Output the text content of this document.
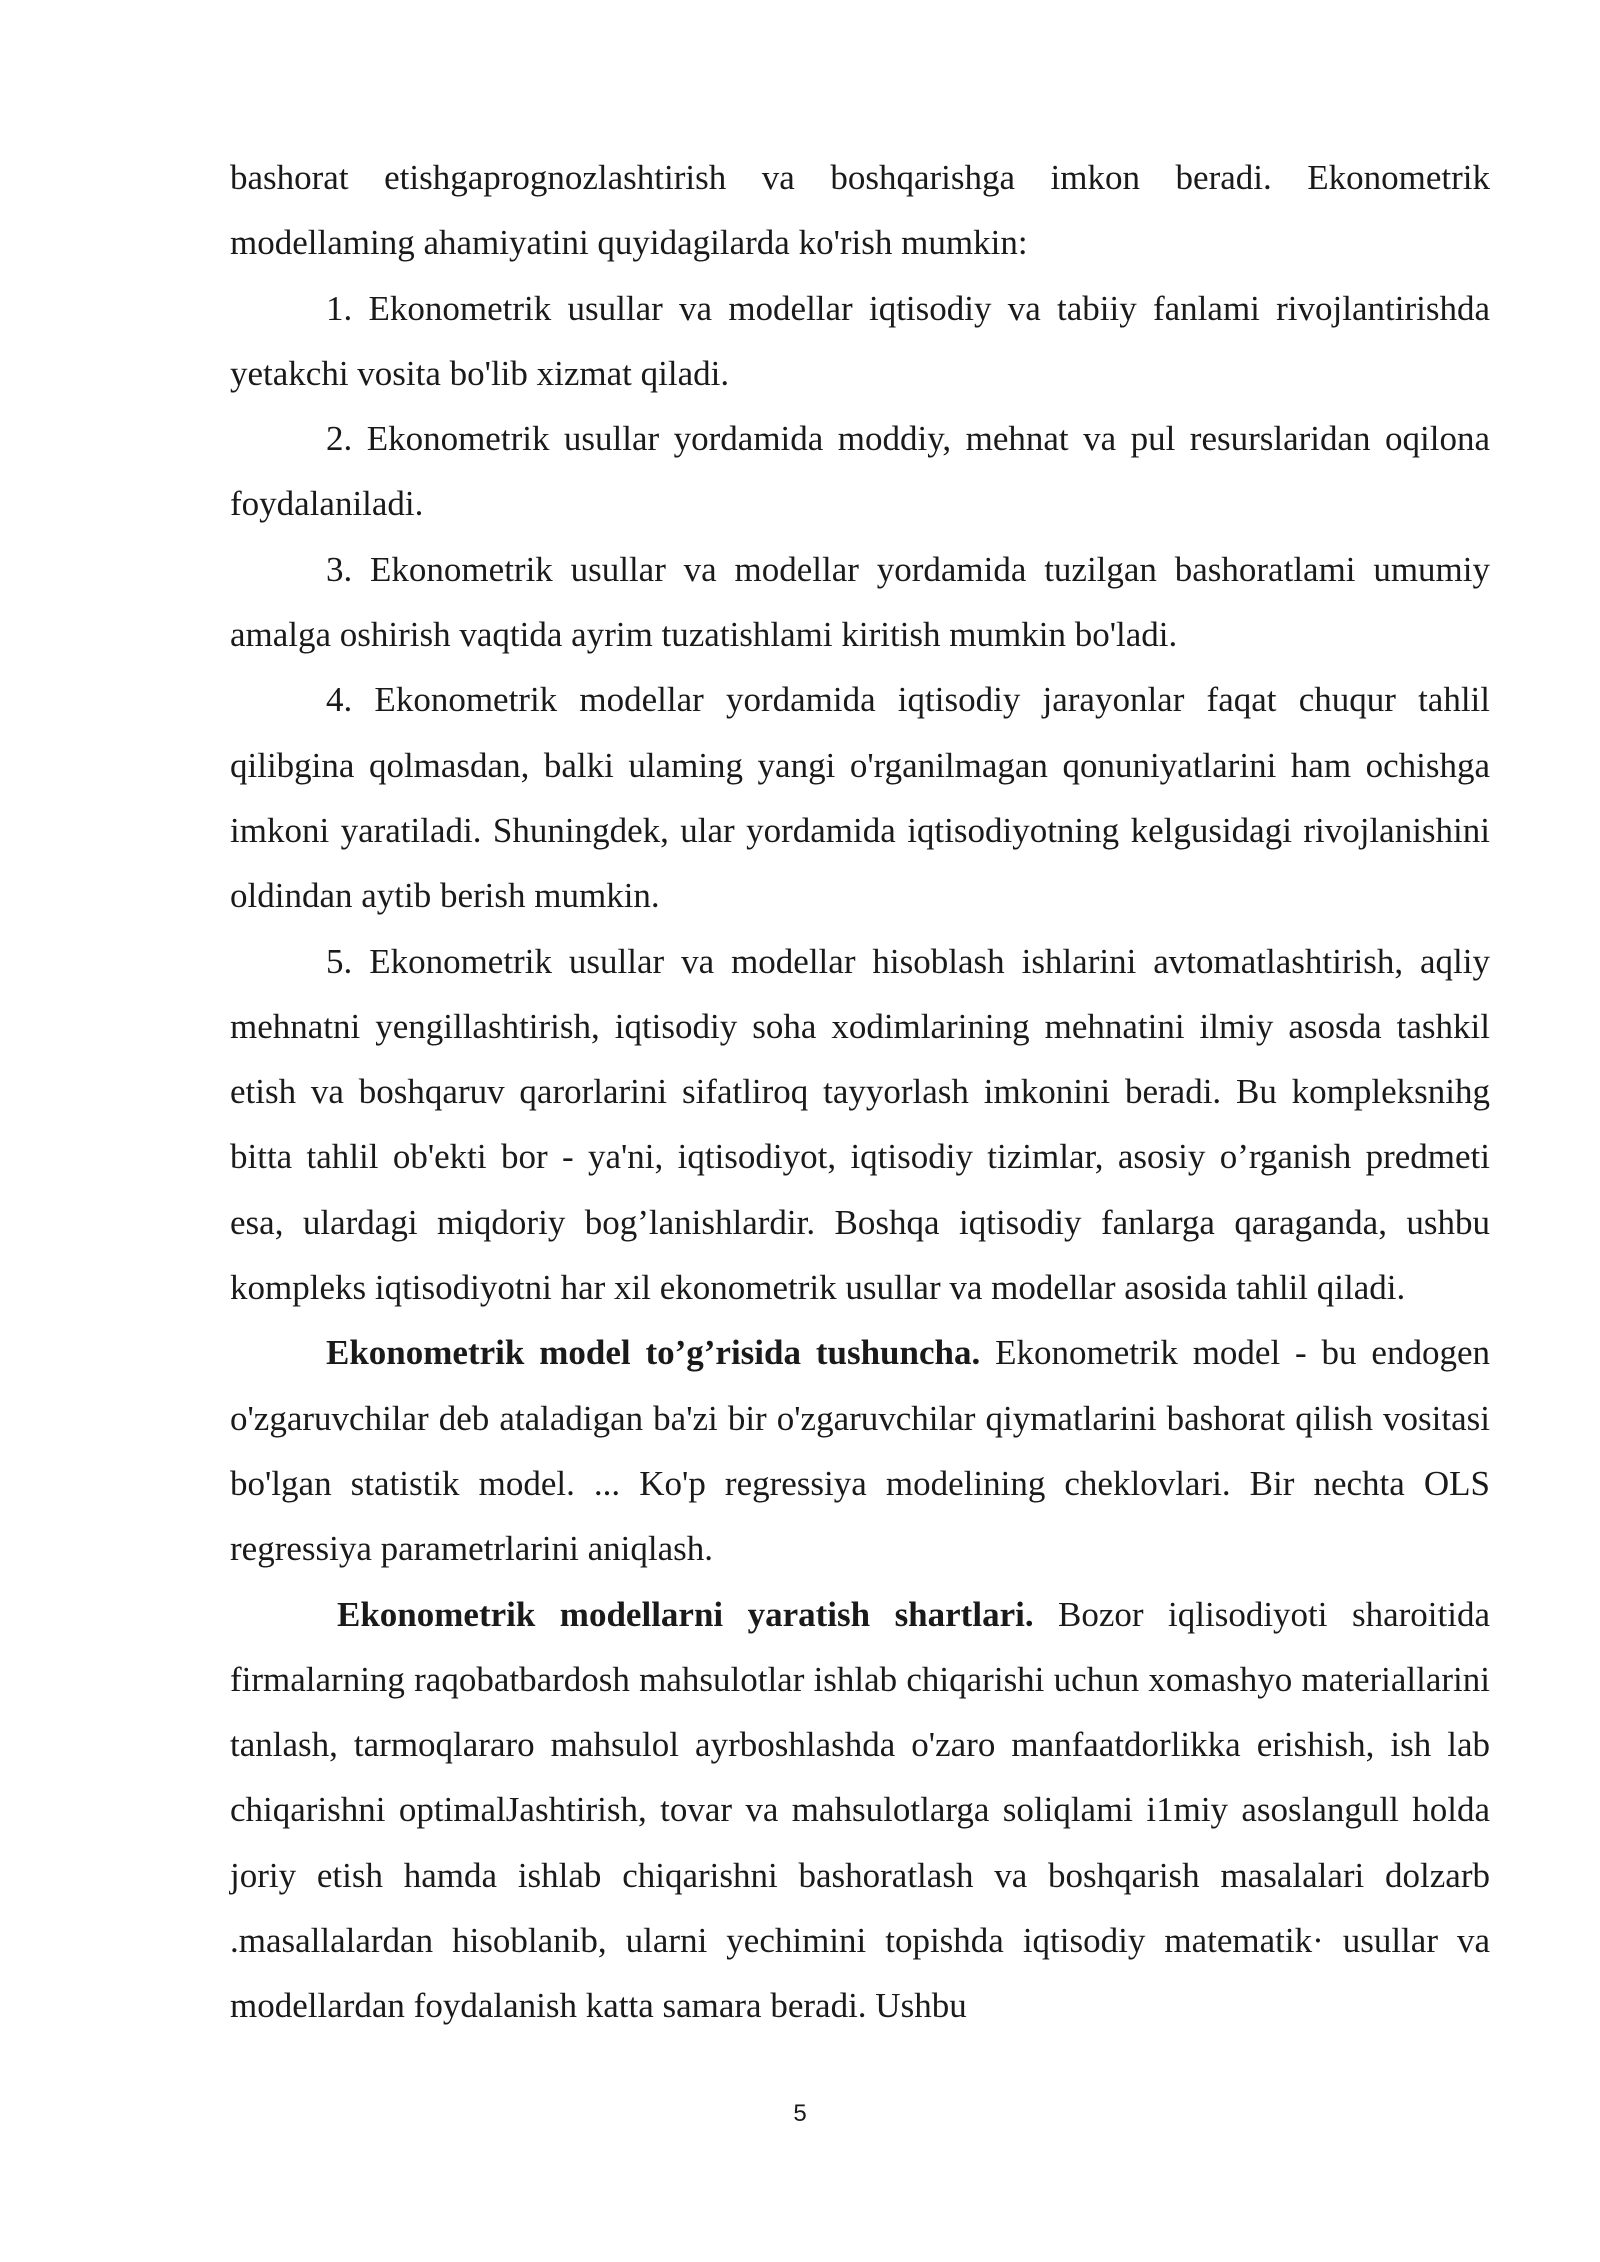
bashorat etishgaprognozlashtirish va boshqarishga imkon beradi. Ekonometrik modellaming ahamiyatini quyidagilarda ko'rish mumkin:

1. Ekonometrik usullar va modellar iqtisodiy va tabiiy fanlami rivojlantirishda yetakchi vosita bo'lib xizmat qiladi.

2. Ekonometrik usullar yordamida moddiy, mehnat va pul resurslaridan oqilona foydalaniladi.

3. Ekonometrik usullar va modellar yordamida tuzilgan bashoratlami umumiy amalga oshirish vaqtida ayrim tuzatishlami kiritish mumkin bo'ladi.

4. Ekonometrik modellar yordamida iqtisodiy jarayonlar faqat chuqur tahlil qilibgina qolmasdan, balki ulaming yangi o'rganilmagan qonuniyatlarini ham ochishga imkoni yaratiladi. Shuningdek, ular yordamida iqtisodiyotning kelgusidagi rivojlanishini oldindan aytib berish mumkin.

5. Ekonometrik usullar va modellar hisoblash ishlarini avtomatlashtirish, aqliy mehnatni yengillashtirish, iqtisodiy soha xodimlarining mehnatini ilmiy asosda tashkil etish va boshqaruv qarorlarini sifatliroq tayyorlash imkonini beradi. Bu kompleksnihg bitta tahlil ob'ekti bor - ya'ni, iqtisodiyot, iqtisodiy tizimlar, asosiy o’rganish predmeti esa, ulardagi miqdoriy bog’lanishlardir. Boshqa iqtisodiy fanlarga qaraganda, ushbu kompleks iqtisodiyotni har xil ekonometrik usullar va modellar asosida tahlil qiladi.

Ekonometrik model to’g’risida tushuncha. Ekonometrik model - bu endogen o'zgaruvchilar deb ataladigan ba'zi bir o'zgaruvchilar qiymatlarini bashorat qilish vositasi bo'lgan statistik model. ... Ko'p regressiya modelining cheklovlari. Bir nechta OLS regressiya parametrlarini aniqlash.

Ekonometrik modellarni yaratish shartlari. Bozor iqlisodiyoti sharoitida firmalarning raqobatbardosh mahsulotlar ishlab chiqarishi uchun xomashyo materiallarini tanlash, tarmoqlararo mahsulol ayrboshlashda o'zaro manfaatdorlikka erishish, ish lab chiqarishni optimalJashtirish, tovar va mahsulotlarga soliqlami i1miy asoslangull holda joriy etish hamda ishlab chiqarishni bashoratlash va boshqarish masalalari dolzarb .masallalardan hisoblanib, ularni yechimini topishda iqtisodiy matematik· usullar va modellardan foydalanish katta samara beradi. Ushbu

5
